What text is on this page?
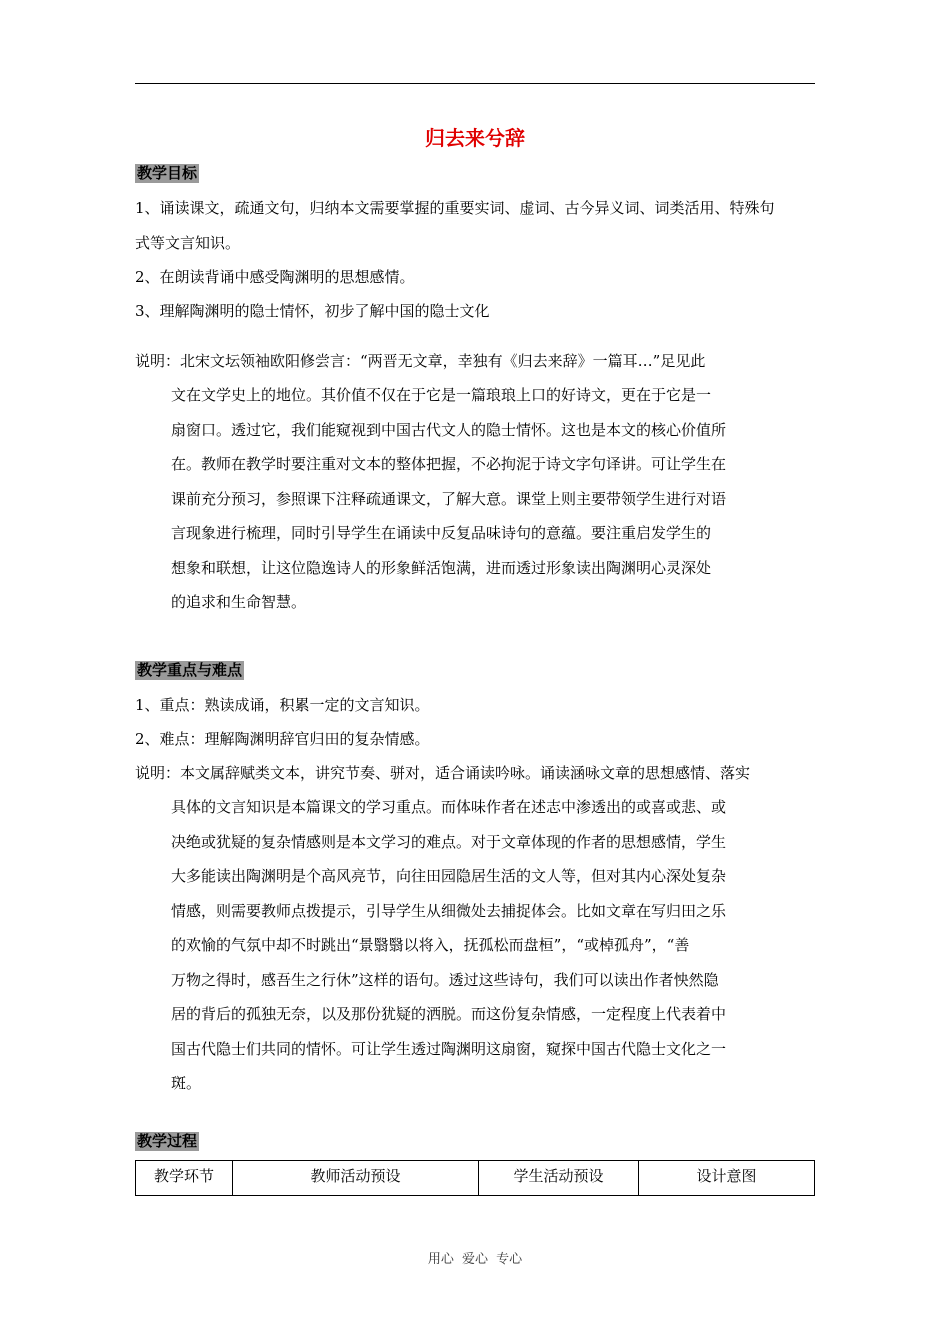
归去来兮辞
教学目标
1、诵读课文，疏通文句，归纳本文需要掌握的重要实词、虚词、古今异义词、词类活用、特殊句
式等文言知识。
2、在朗读背诵中感受陶渊明的思想感情。
3、理解陶渊明的隐士情怀，初步了解中国的隐士文化
说明：北宋文坛领袖欧阳修尝言：“两晋无文章，幸独有《归去来辞》一篇耳…”足见此
文在文学史上的地位。其价值不仅在于它是一篇琅琅上口的好诗文，更在于它是一
扇窗口。透过它，我们能窥视到中国古代文人的隐士情怀。这也是本文的核心价值所
在。教师在教学时要注重对文本的整体把握，不必拘泥于诗文字句译讲。可让学生在
课前充分预习，参照课下注释疏通课文，了解大意。课堂上则主要带领学生进行对语
言现象进行梳理，同时引导学生在诵读中反复品味诗句的意蕴。要注重启发学生的
想象和联想，让这位隐逸诗人的形象鲜活饱满，进而透过形象读出陶渊明心灵深处
的追求和生命智慧。
教学重点与难点
1、重点：熟读成诵，积累一定的文言知识。
2、难点：理解陶渊明辞官归田的复杂情感。
说明：本文属辞赋类文本，讲究节奏、骈对，适合诵读吟咏。诵读涵咏文章的思想感情、落实
具体的文言知识是本篇课文的学习重点。而体味作者在述志中渗透出的或喜或悲、或
决绝或犹疑的复杂情感则是本文学习的难点。对于文章体现的作者的思想感情，学生
大多能读出陶渊明是个高风亮节，向往田园隐居生活的文人等，但对其内心深处复杂
情感，则需要教师点拨提示，引导学生从细微处去捕捉体会。比如文章在写归田之乐
的欢愉的气氛中却不时跳出“景翳翳以将入，抚孤松而盘桓”，“或棹孤舟”，“善
万物之得时，感吾生之行休”这样的语句。透过这些诗句，我们可以读出作者怏然隐
居的背后的孤独无奈，以及那份犹疑的洒脱。而这份复杂情感，一定程度上代表着中
国古代隐士们共同的情怀。可让学生透过陶渊明这扇窗，窥探中国古代隐士文化之一
斑。
教学过程
教学环节	教师活动预设	学生活动预设	设计意图
用心 爱心 专心
